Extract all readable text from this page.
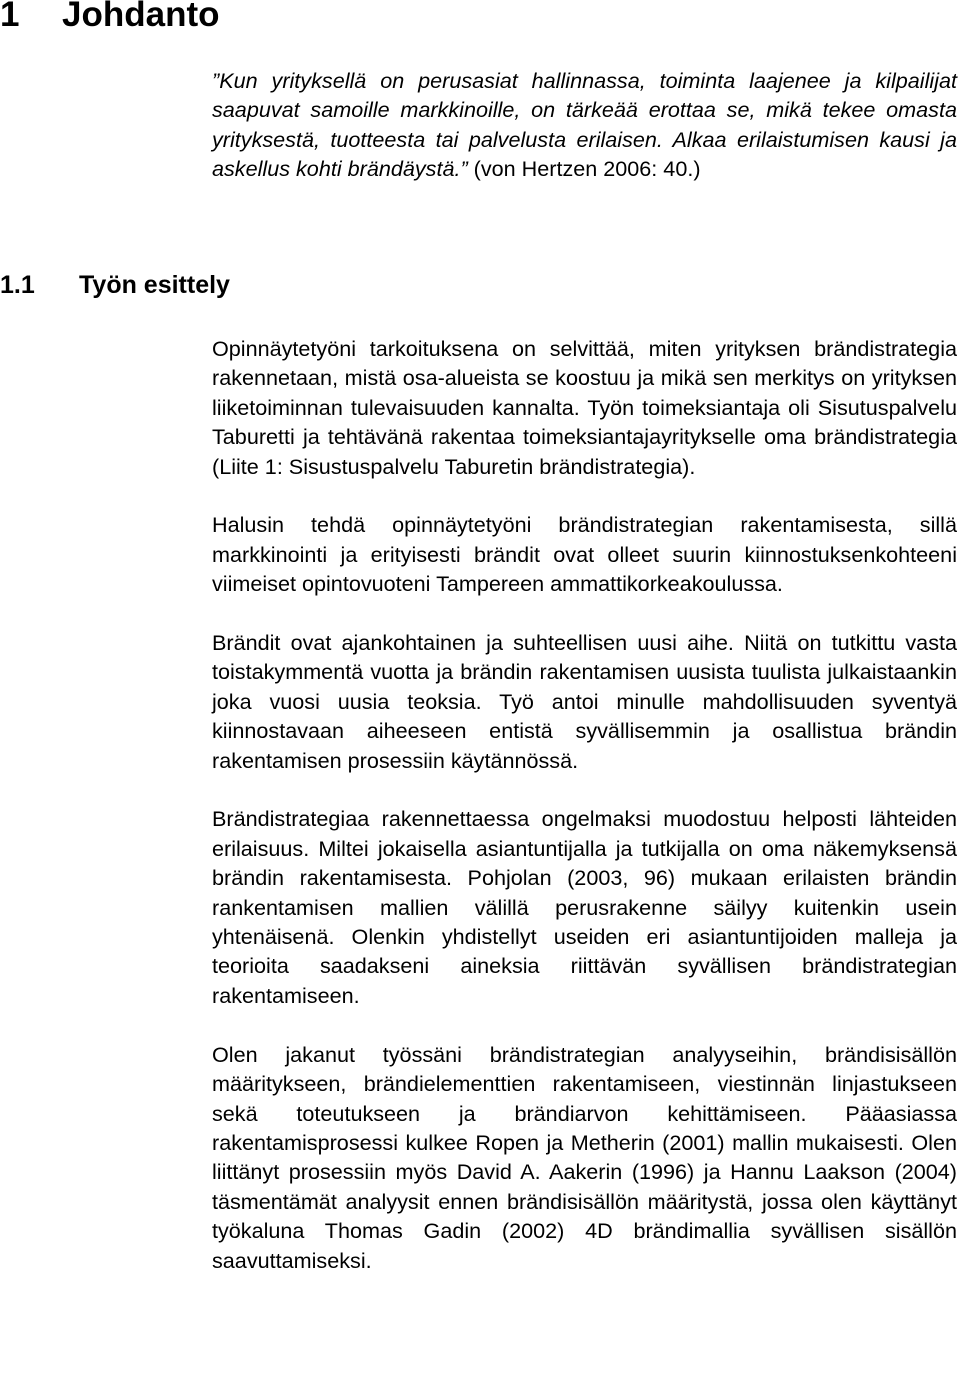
1 Johdanto

”Kun yrityksellä on perusasiat hallinnassa, toiminta laajenee ja kilpailijat saapuvat samoille markkinoille, on tärkeää erottaa se, mikä tekee omasta yrityksestä, tuotteesta tai palvelusta erilaisen. Alkaa erilaistumisen kausi ja askellus kohti brändäystä.” (von Hertzen 2006: 40.)

1.1 Työn esittely

Opinnäytetyöni tarkoituksena on selvittää, miten yrityksen brändistrategia rakennetaan, mistä osa-alueista se koostuu ja mikä sen merkitys on yrityksen liiketoiminnan tulevaisuuden kannalta. Työn toimeksiantaja oli Sisutuspalvelu Taburetti ja tehtävänä rakentaa toimeksiantajayritykselle oma brändistrategia (Liite 1: Sisustuspalvelu Taburetin brändistrategia).

Halusin tehdä opinnäytetyöni brändistrategian rakentamisesta, sillä markkinointi ja erityisesti brändit ovat olleet suurin kiinnostuksenkohteeni viimeiset opintovuoteni Tampereen ammattikorkeakoulussa.

Brändit ovat ajankohtainen ja suhteellisen uusi aihe. Niitä on tutkittu vasta toistakymmentä vuotta ja brändin rakentamisen uusista tuulista julkaistaankin joka vuosi uusia teoksia. Työ antoi minulle mahdollisuuden syventyä kiinnostavaan aiheeseen entistä syvällisemmin ja osallistua brändin rakentamisen prosessiin käytännössä.

Brändistrategiaa rakennettaessa ongelmaksi muodostuu helposti lähteiden erilaisuus. Miltei jokaisella asiantuntijalla ja tutkijalla on oma näkemyksensä brändin rakentamisesta. Pohjolan (2003, 96) mukaan erilaisten brändin rankentamisen mallien välillä perusrakenne säilyy kuitenkin usein yhtenäisenä. Olenkin yhdistellyt useiden eri asiantuntijoiden malleja ja teorioita saadakseni aineksia riittävän syvällisen brändistrategian rakentamiseen.

Olen jakanut työssäni brändistrategian analyyseihin, brändisisällön määritykseen, brändielementtien rakentamiseen, viestinnän linjastukseen sekä toteutukseen ja brändiarvon kehittämiseen. Pääasiassa rakentamisprosessi kulkee Ropen ja Metherin (2001) mallin mukaisesti. Olen liittänyt prosessiin myös David A. Aakerin (1996) ja Hannu Laakson (2004) täsmentämät analyysit ennen brändisisällön määritystä, jossa olen käyttänyt työkaluna Thomas Gadin (2002) 4D brändimallia syvällisen sisällön saavuttamiseksi.
